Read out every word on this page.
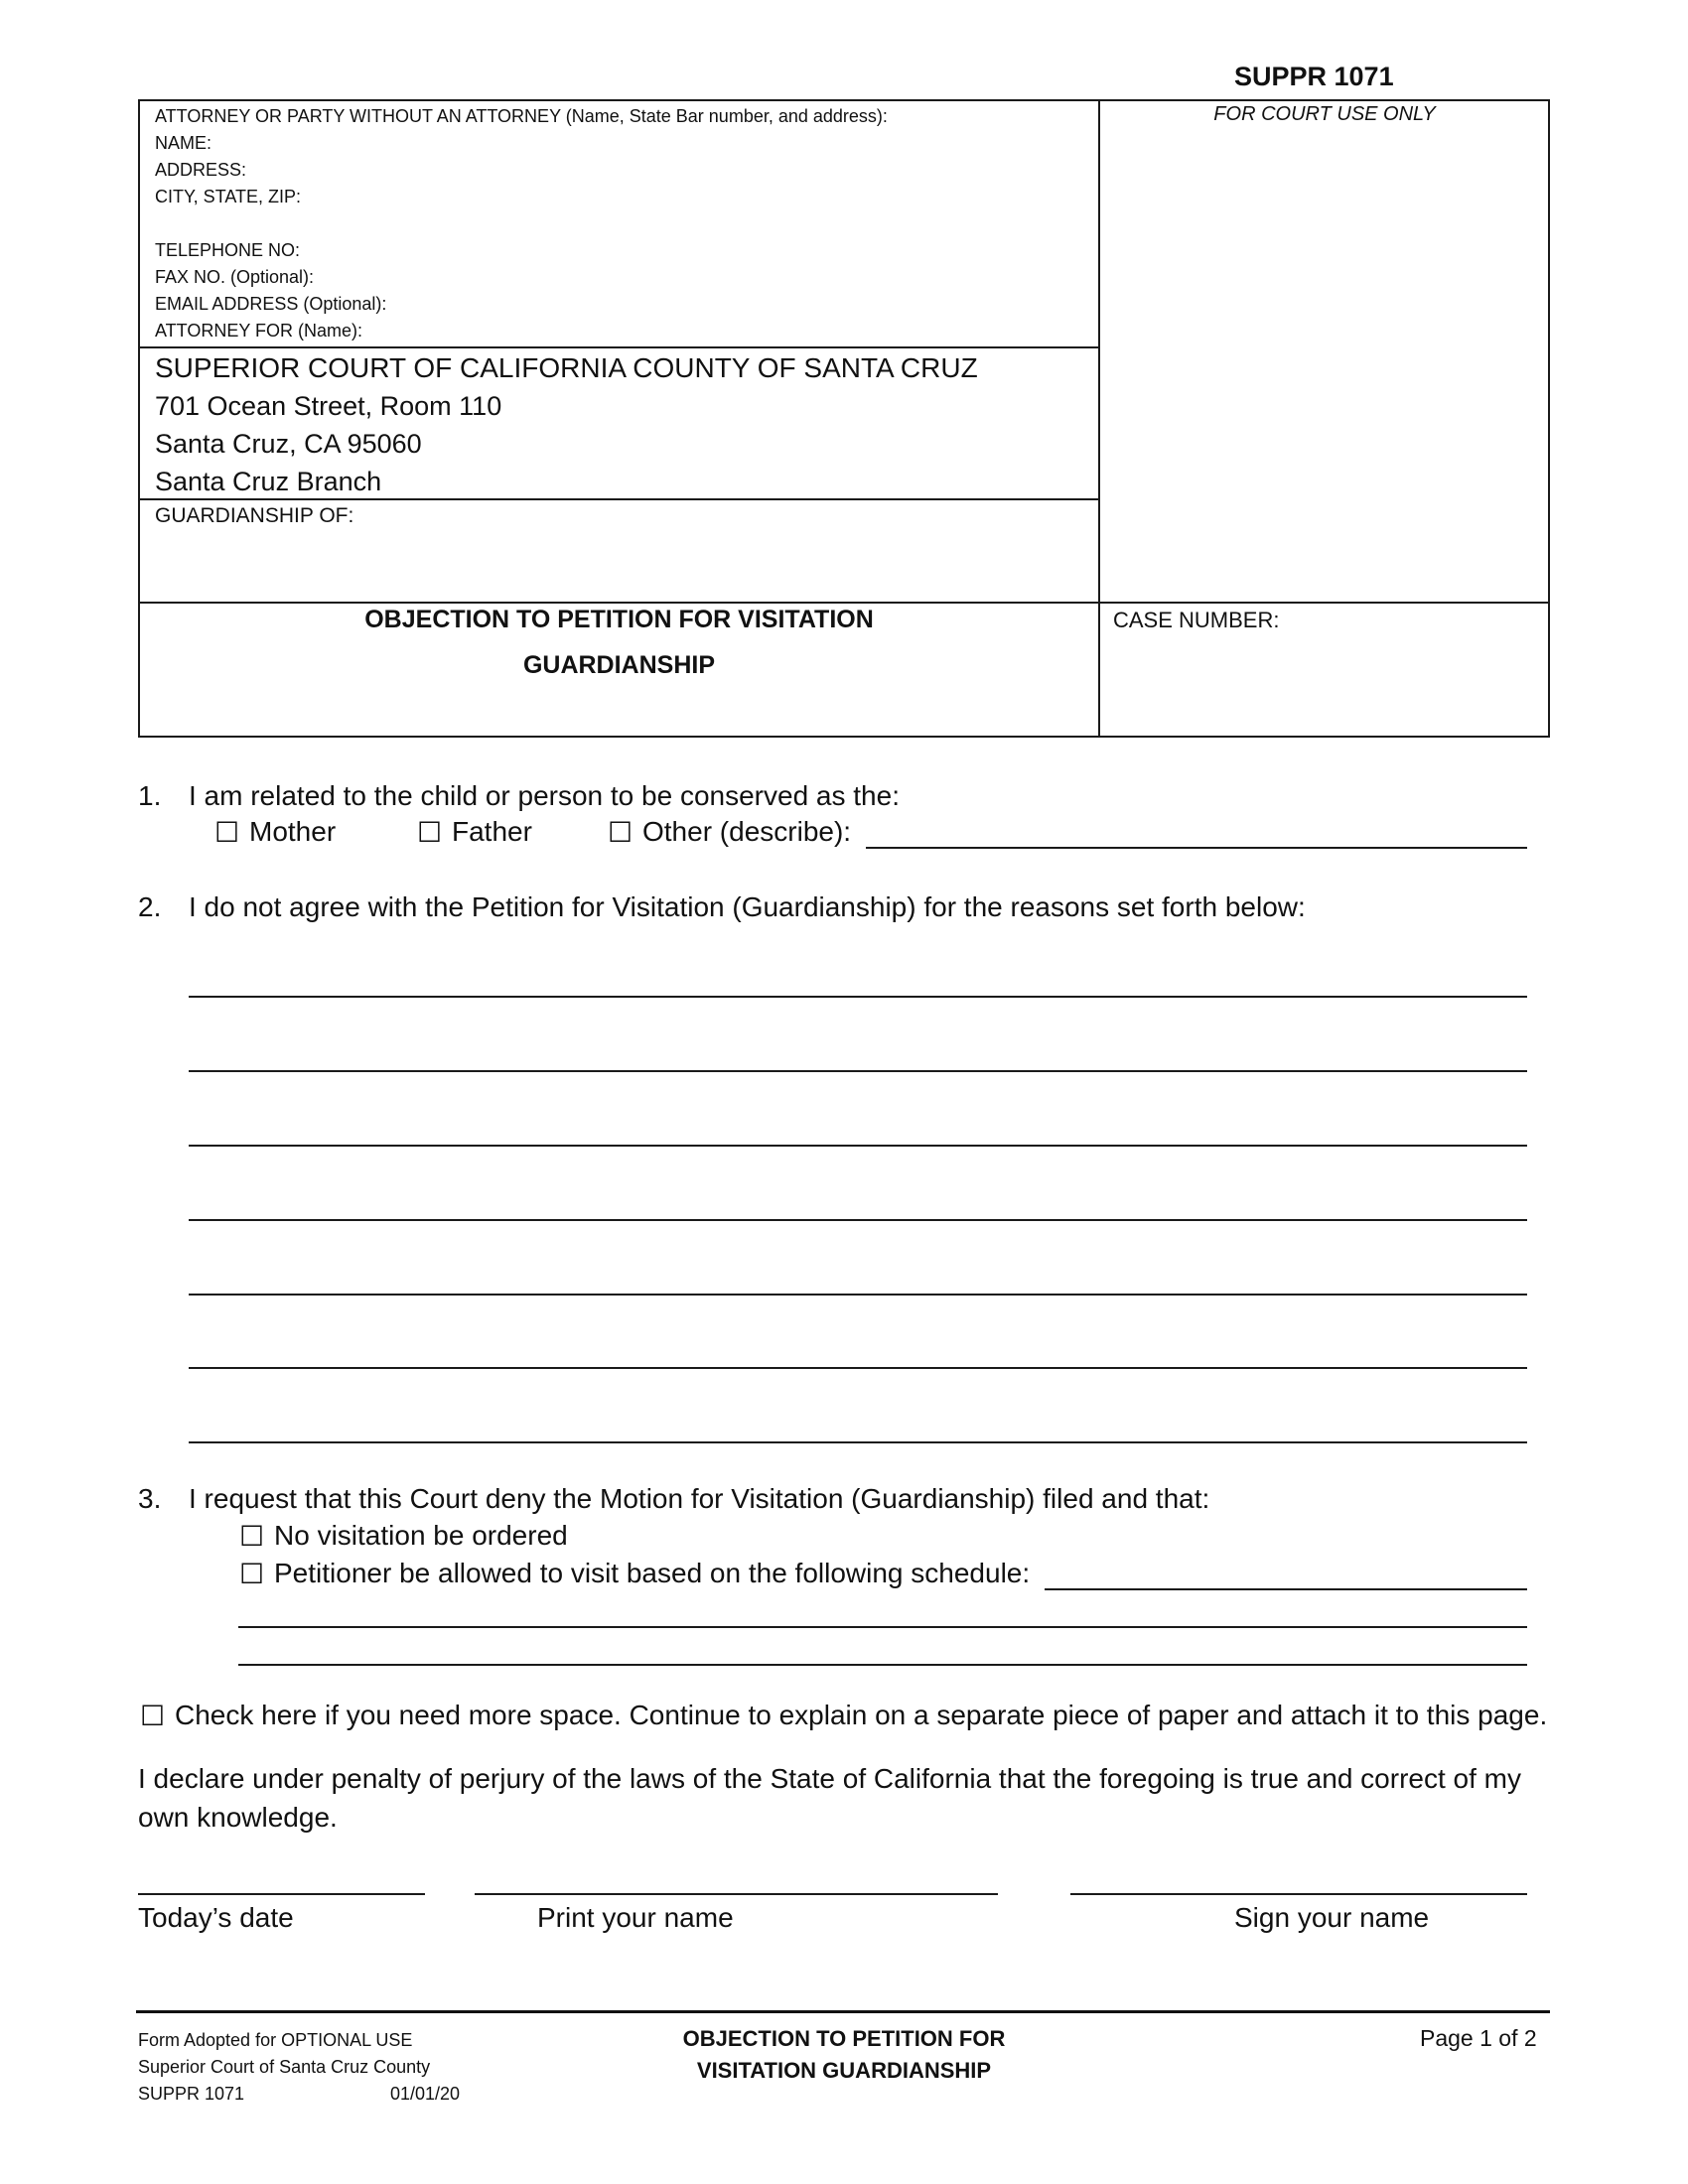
SUPPR 1071
ATTORNEY OR PARTY WITHOUT AN ATTORNEY (Name, State Bar number, and address):
NAME:
ADDRESS:
CITY, STATE, ZIP:
TELEPHONE NO:
FAX NO. (Optional):
EMAIL ADDRESS (Optional):
ATTORNEY FOR (Name):
FOR COURT USE ONLY
SUPERIOR COURT OF CALIFORNIA COUNTY OF SANTA CRUZ
701 Ocean Street, Room 110
Santa Cruz, CA 95060
Santa Cruz Branch
GUARDIANSHIP OF:
OBJECTION TO PETITION FOR VISITATION
GUARDIANSHIP
CASE NUMBER:
1. I am related to the child or person to be conserved as the:
☐ Mother	☐ Father	☐ Other (describe):
2. I do not agree with the Petition for Visitation (Guardianship) for the reasons set forth below:
3. I request that this Court deny the Motion for Visitation (Guardianship) filed and that:
☐ No visitation be ordered
☐ Petitioner be allowed to visit based on the following schedule:
☐ Check here if you need more space. Continue to explain on a separate piece of paper and attach it to this page.
I declare under penalty of perjury of the laws of the State of California that the foregoing is true and correct of my
own knowledge.
Today’s date	Print your name	Sign your name
Form Adopted for OPTIONAL USE
Superior Court of Santa Cruz County
SUPPR 1071	01/01/20
OBJECTION TO PETITION FOR
VISITATION GUARDIANSHIP
Page 1 of 2
